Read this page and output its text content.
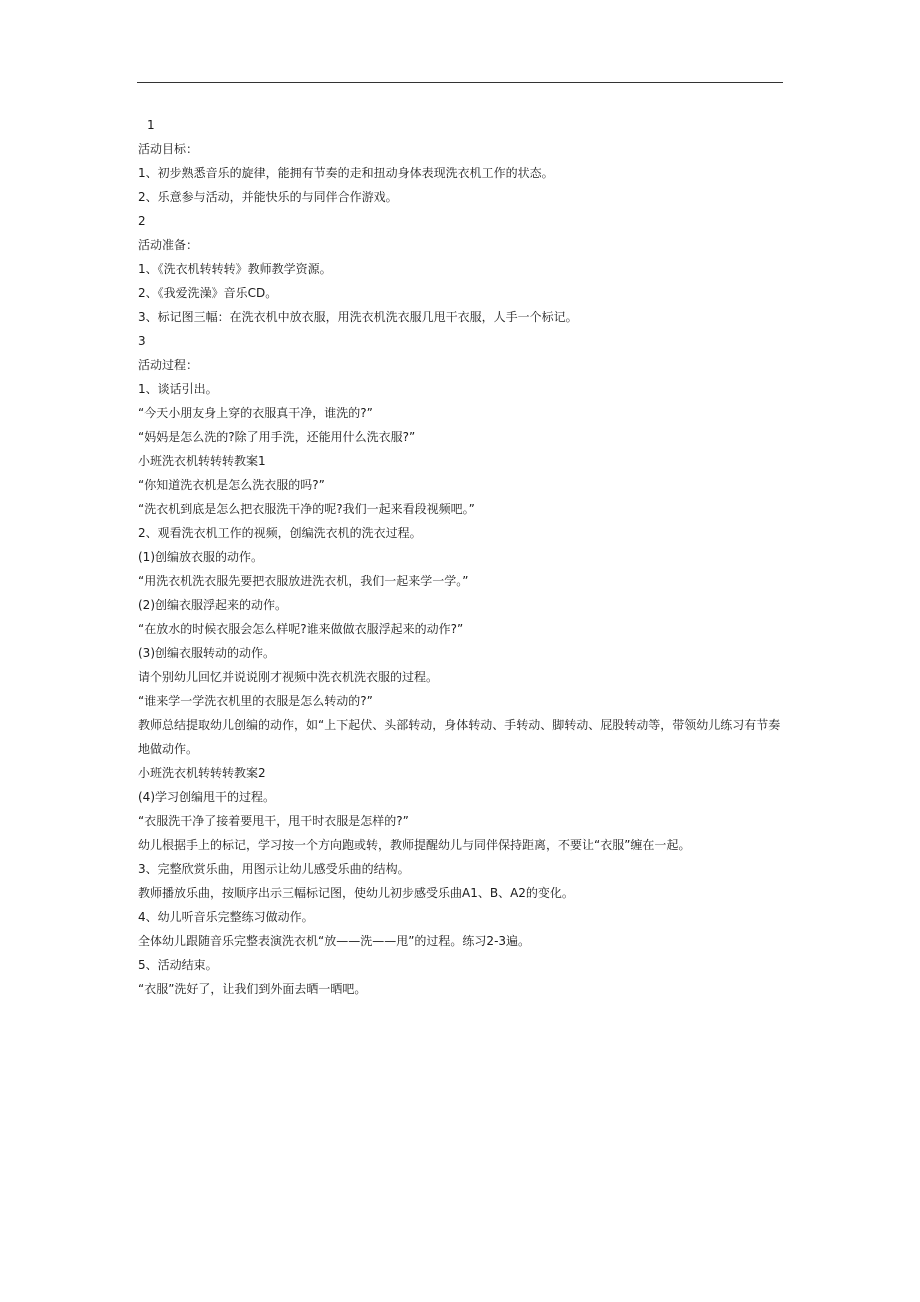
1

活动目标：

1、初步熟悉音乐的旋律，能拥有节奏的走和扭动身体表现洗衣机工作的状态。

2、乐意参与活动，并能快乐的与同伴合作游戏。

2

活动准备：

1、《洗衣机转转转》教师教学资源。

2、《我爱洗澡》音乐CD。

3、标记图三幅：在洗衣机中放衣服，用洗衣机洗衣服几甩干衣服，人手一个标记。

3

活动过程：

1、谈话引出。

“今天小朋友身上穿的衣服真干净，谁洗的?”

“妈妈是怎么洗的?除了用手洗，还能用什么洗衣服?”

小班洗衣机转转转教案1

“你知道洗衣机是怎么洗衣服的吗?”

“洗衣机到底是怎么把衣服洗干净的呢?我们一起来看段视频吧。”

2、观看洗衣机工作的视频，创编洗衣机的洗衣过程。

(1)创编放衣服的动作。

“用洗衣机洗衣服先要把衣服放进洗衣机，我们一起来学一学。”

(2)创编衣服浮起来的动作。

“在放水的时候衣服会怎么样呢?谁来做做衣服浮起来的动作?”

(3)创编衣服转动的动作。

请个别幼儿回忆并说说刚才视频中洗衣机洗衣服的过程。

“谁来学一学洗衣机里的衣服是怎么转动的?”

教师总结提取幼儿创编的动作，如“上下起伏、头部转动，身体转动、手转动、脚转动、屁股转动等，带领幼儿练习有节奏地做动作。

小班洗衣机转转转教案2

(4)学习创编甩干的过程。

“衣服洗干净了接着要甩干，甩干时衣服是怎样的?”

幼儿根据手上的标记，学习按一个方向跑或转，教师提醒幼儿与同伴保持距离，不要让“衣服”缠在一起。

3、完整欣赏乐曲，用图示让幼儿感受乐曲的结构。

教师播放乐曲，按顺序出示三幅标记图，使幼儿初步感受乐曲A1、B、A2的变化。

4、幼儿听音乐完整练习做动作。

全体幼儿跟随音乐完整表演洗衣机“放——洗——甩”的过程。练习2-3遍。

5、活动结束。

“衣服”洗好了，让我们到外面去晒一晒吧。
